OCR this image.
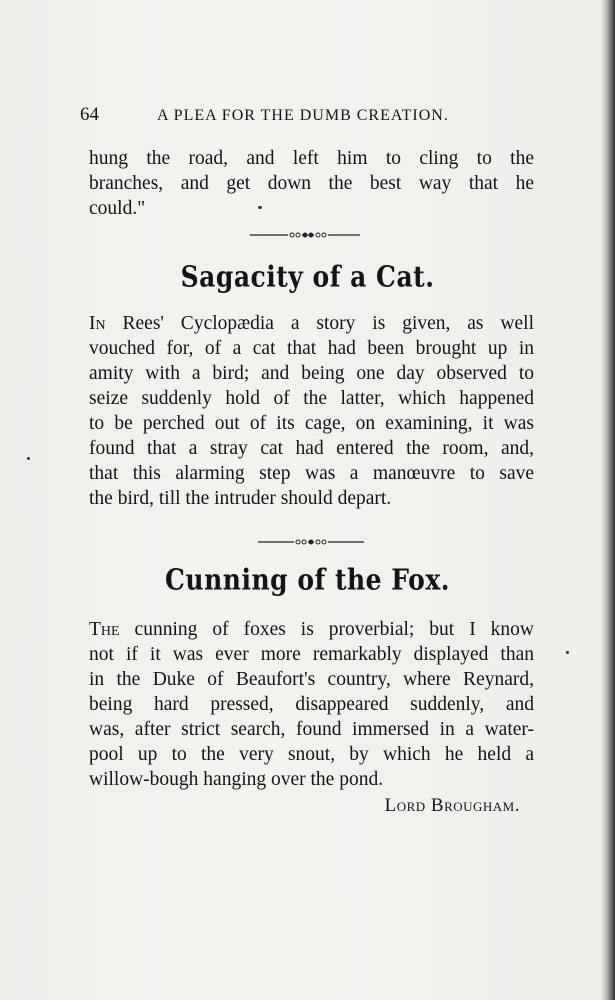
64	A PLEA FOR THE DUMB CREATION.
hung the road, and left him to cling to the
branches, and get down the best way that he
could."
Sagacity of a Cat.
In Rees' Cyclopædia a story is given, as well
vouched for, of a cat that had been brought up in
amity with a bird; and being one day observed to
seize suddenly hold of the latter, which happened
to be perched out of its cage, on examining, it was
found that a stray cat had entered the room, and,
that this alarming step was a manœuvre to save
the bird, till the intruder should depart.
Cunning of the Fox.
The cunning of foxes is proverbial; but I know
not if it was ever more remarkably displayed than
in the Duke of Beaufort's country, where Reynard,
being hard pressed, disappeared suddenly, and
was, after strict search, found immersed in a water-
pool up to the very snout, by which he held a
willow-bough hanging over the pond.
Lord Brougham.
